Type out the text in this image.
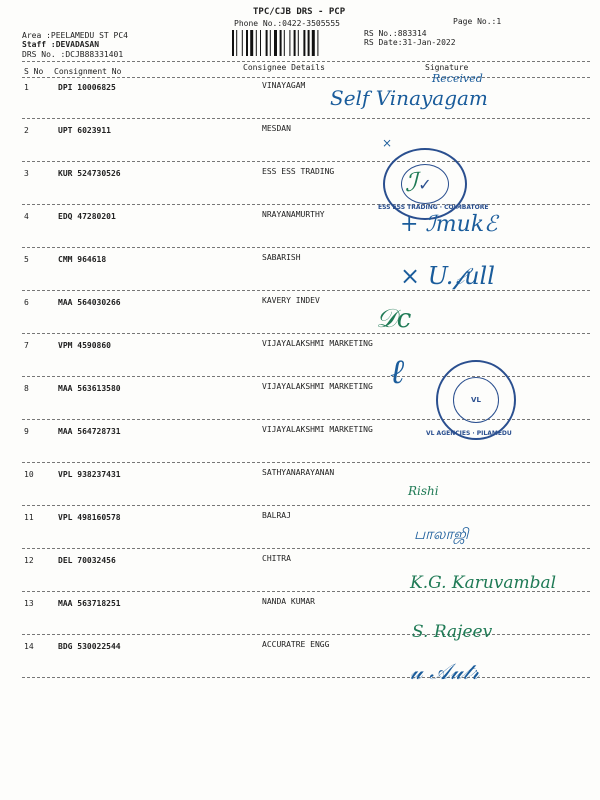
TPC/CJB DRS - PCP
Phone No.:0422-3505555	Page No.:1
Area :PEELAMEDU ST PC4
Staff :DEVADASAN
DRS No. :DCJB88331401
RS No.:883314
RS Date:31-Jan-2022
S No Consignment No	Consignee Details	Signature
1	DPI 10006825	VINAYAGAM
2	UPT 6023911	MESDAN
3	KUR 524730526	ESS ESS TRADING
4	EDQ 47280201	NRAYANAMURTHY
5	CMM 964618	SABARISH
6	MAA 564030266	KAVERY INDEV
7	VPM 4590860	VIJAYALAKSHMI MARKETING
8	MAA 563613580	VIJAYALAKSHMI MARKETING
9	MAA 564728731	VIJAYALAKSHMI MARKETING
10	VPL 938237431	SATHYANARAYANAN
11	VPL 498160578	BALRAJ
12	DEL 70032456	CHITRA
13	MAA 563718251	NANDA KUMAR
14	BDG 530022544	ACCURATRE ENGG
✓
ESS ESS TRADING · COIMBATORE
VL
VL AGENCIES · PILAMEDU
Received
Self Vinayagam
×
ℐ
+ ℐmukℰ
× U.𝒻ull
𝒟c
ℓ
Rishi
பாலாஜி
K.G. Karuvambal
S. Rajeev
𝓊 𝒜𝓊𝓉𝓇
